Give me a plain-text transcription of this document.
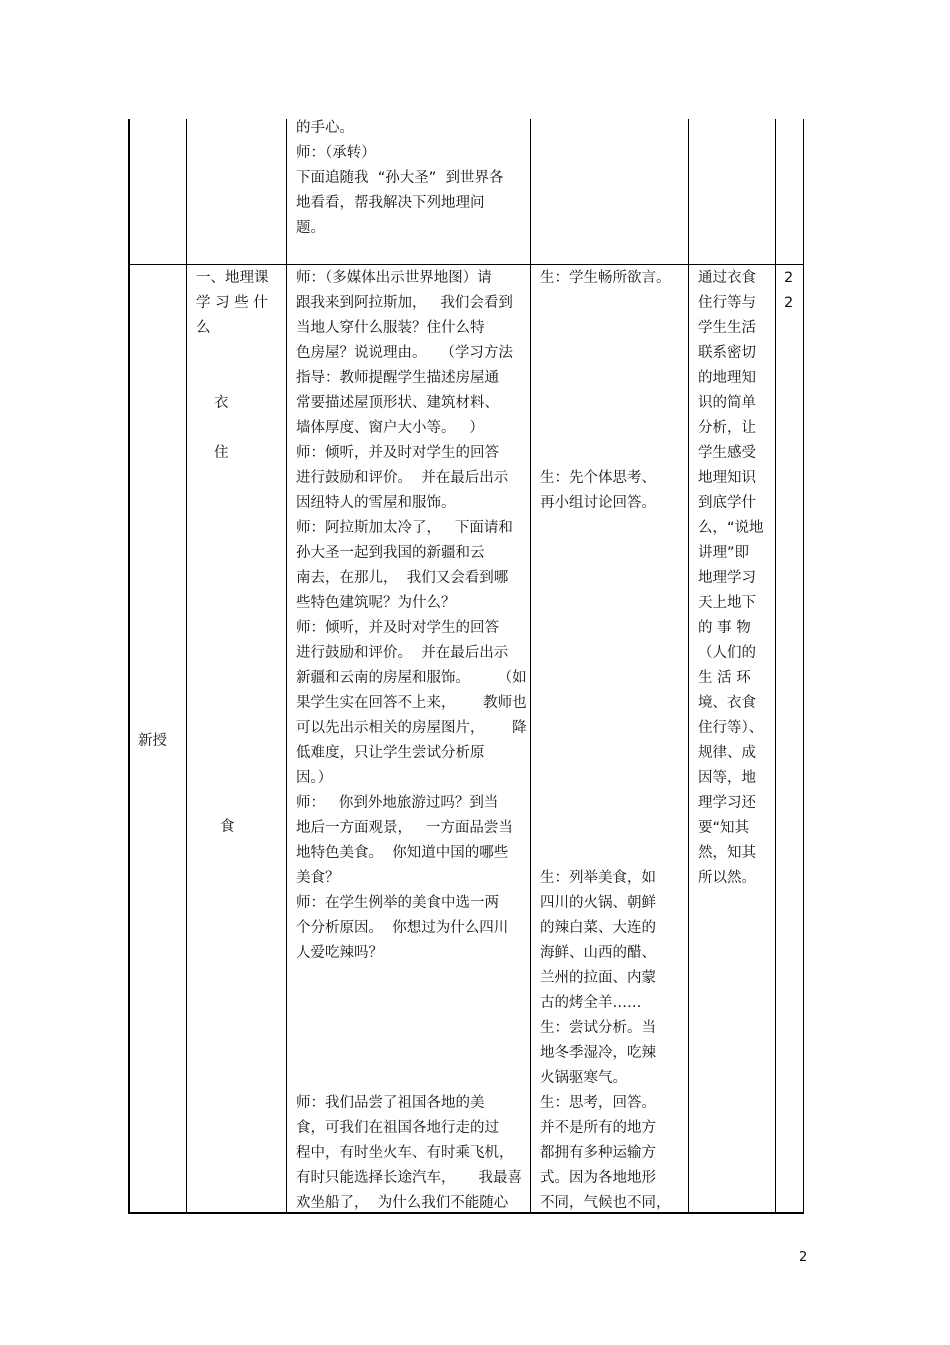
的手心。
师：（承转）
下面追随我  “孙大圣”  到世界各
地看看，帮我解决下列地理问
题。
新授
一、地理课
学 习 些 什
么
衣
住
食
师：（多媒体出示世界地图）请
跟我来到阿拉斯加，   我们会看到
当地人穿什么服装？住什么特
色房屋？说说理由。   （学习方法
指导：教师提醒学生描述房屋通
常要描述屋顶形状、建筑材料、
墙体厚度、窗户大小等。   ）
师：倾听，并及时对学生的回答
进行鼓励和评价。  并在最后出示
因纽特人的雪屋和服饰。
师：阿拉斯加太冷了，   下面请和
孙大圣一起到我国的新疆和云
南去，在那儿，  我们又会看到哪
些特色建筑呢？为什么？
师：倾听，并及时对学生的回答
进行鼓励和评价。  并在最后出示
新疆和云南的房屋和服饰。      （如
果学生实在回答不上来，      教师也
可以先出示相关的房屋图片，      降
低难度，只让学生尝试分析原
因。）
师：   你到外地旅游过吗？到当
地后一方面观景，   一方面品尝当
地特色美食。  你知道中国的哪些
美食？
师：在学生例举的美食中选一两
个分析原因。  你想过为什么四川
人爱吃辣吗？
师：我们品尝了祖国各地的美
食，可我们在祖国各地行走的过
程中，有时坐火车、有时乘飞机，
有时只能选择长途汽车，     我最喜
欢坐船了，  为什么我们不能随心
生：学生畅所欲言。
生：先个体思考、
再小组讨论回答。
生：列举美食，如
四川的火锅、朝鲜
的辣白菜、大连的
海鲜、山西的醋、
兰州的拉面、内蒙
古的烤全羊……
生：尝试分析。当
地冬季湿冷，吃辣
火锅驱寒气。
生：思考，回答。
并不是所有的地方
都拥有多种运输方
式。因为各地地形
不同，气候也不同，
通过衣食
住行等与
学生生活
联系密切
的地理知
识的简单
分析，让
学生感受
地理知识
到底学什
么，“说地
讲理”即
地理学习
天上地下
的 事 物
（人们的
生 活 环
境、衣食
住行等）、
规律、成
因等，地
理学习还
要“知其
然，知其
所以然。
2
2
2
